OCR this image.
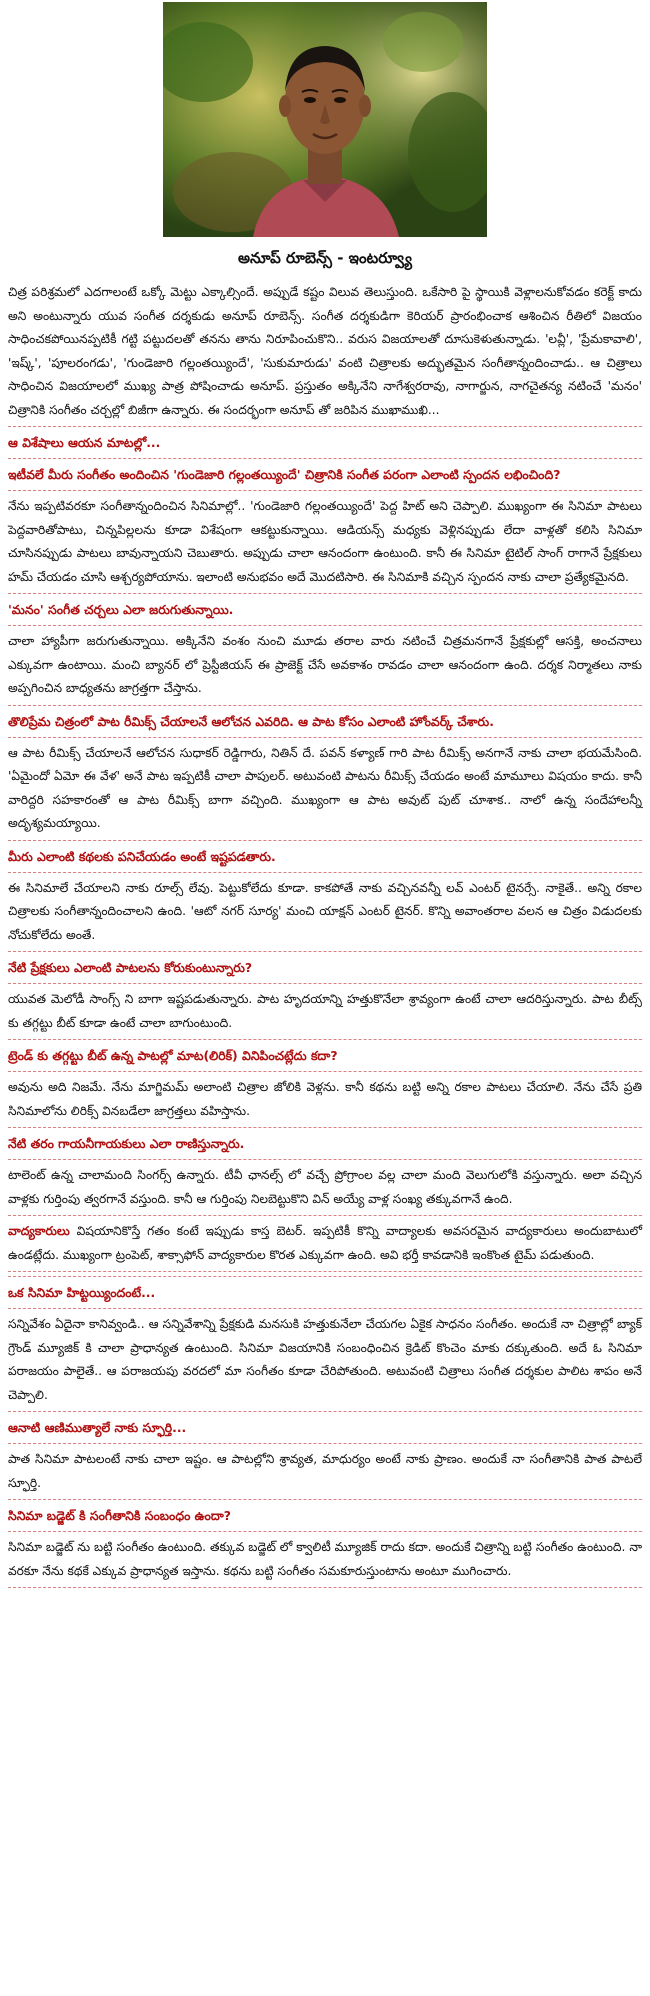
అనూప్ రూబెన్స్ - ఇంటర్వ్యూ

చిత్ర పరిశ్రమలో ఎదగాలంటే ఒక్కో మెట్టు ఎక్కాల్సిందే. అప్పుడే కష్టం విలువ తెలుస్తుంది. ఒకేసారి పై స్థాయికి వెళ్లాలనుకోవడం కరెక్ట్ కాదు అని అంటున్నారు యువ సంగీత దర్శకుడు అనూప్ రూబెన్స్. సంగీత దర్శకుడిగా కెరియర్ ప్రారంభించాక ఆశించిన రీతిలో విజయం సాధించకపోయినప్పటికీ గట్టి పట్టుదలతో తనను తాను నిరూపించుకొని.. వరుస విజయాలతో దూసుకెళుతున్నాడు. 'లవ్లీ', 'ప్రేమకావాలి', 'ఇష్క్', 'పూలరంగడు', 'గుండెజారి గల్లంతయ్యిందే', 'సుకుమారుడు' వంటి చిత్రాలకు అద్భుతమైన సంగీతాన్నందించాడు.. ఆ చిత్రాలు సాధించిన విజయాలలో ముఖ్య పాత్ర పోషించాడు అనూప్. ప్రస్తుతం అక్కినేని నాగేశ్వరరావు, నాగార్జున, నాగచైతన్య నటించే 'మనం' చిత్రానికి సంగీతం చర్చల్లో బిజీగా ఉన్నారు. ఈ సందర్భంగా అనూప్ తో జరిపిన ముఖాముఖి...

ఆ విశేషాలు ఆయన మాటల్లో...

ఇటీవలే మీరు సంగీతం అందించిన 'గుండెజారి గల్లంతయ్యిందే' చిత్రానికి సంగీత పరంగా ఎలాంటి స్పందన లభించింది?

నేను ఇప్పటివరకూ సంగీతాన్నందించిన సినిమాల్లో.. 'గుండెజారి గల్లంతయ్యిందే' పెద్ద హిట్ అని చెప్పాలి. ముఖ్యంగా ఈ సినిమా పాటలు పెద్దవారితోపాటు, చిన్నపిల్లలను కూడా విశేషంగా ఆకట్టుకున్నాయి. ఆడియన్స్ మధ్యకు వెళ్లినప్పుడు లేదా వాళ్లతో కలిసి సినిమా చూసినప్పుడు పాటలు బావున్నాయని చెబుతారు. అప్పుడు చాలా ఆనందంగా ఉంటుంది. కానీ ఈ సినిమా టైటిల్ సాంగ్ రాగానే ప్రేక్షకులు హమ్ చేయడం చూసి ఆశ్చర్యపోయాను. ఇలాంటి అనుభవం అదే మొదటిసారి. ఈ సినిమాకి వచ్చిన స్పందన నాకు చాలా ప్రత్యేకమైనది.

'మనం' సంగీత చర్చలు ఎలా జరుగుతున్నాయి.

చాలా హ్యాపీగా జరుగుతున్నాయి. అక్కినేని వంశం నుంచి మూడు తరాల వారు నటించే చిత్రమనగానే ప్రేక్షకుల్లో ఆసక్తి, అంచనాలు ఎక్కువగా ఉంటాయి. మంచి బ్యానర్ లో ప్రెస్టీజియస్ ఈ ప్రాజెక్ట్ చేసే అవకాశం రావడం చాలా ఆనందంగా ఉంది. దర్శక నిర్మాతలు నాకు అప్పగించిన బాధ్యతను జాగ్రత్తగా చేస్తాను.

తొలిప్రేమ చిత్రంలో పాట రీమిక్స్ చేయాలనే ఆలోచన ఎవరిది. ఆ పాట కోసం ఎలాంటి హోంవర్క్ చేశారు.

ఆ పాట రీమిక్స్ చేయాలనే ఆలోచన సుధాకర్ రెడ్డిగారు, నితిన్ దే. పవన్ కళ్యాణ్ గారి పాట రీమిక్స్ అనగానే నాకు చాలా భయమేసింది. 'ఏమైందో ఏమో ఈ వేళ' అనే పాట ఇప్పటికీ చాలా పాపులర్. అటువంటి పాటను రీమిక్స్ చేయడం అంటే మామూలు విషయం కాదు. కానీ వారిద్దరి సహకారంతో ఆ పాట రీమిక్స్ బాగా వచ్చింది. ముఖ్యంగా ఆ పాట అవుట్ పుట్ చూశాక.. నాలో ఉన్న సందేహాలన్నీ అదృశ్యమయ్యాయి.

మీరు ఎలాంటి కథలకు పనిచేయడం అంటే ఇష్టపడతారు.

ఈ సినిమాలే చేయాలని నాకు రూల్స్ లేవు. పెట్టుకోలేదు కూడా. కాకపోతే నాకు వచ్చినవన్నీ లవ్ ఎంటర్ టైనర్సే. నాకైతే.. అన్ని రకాల చిత్రాలకు సంగీతాన్నందించాలని ఉంది. 'ఆటో నగర్ సూర్య' మంచి యాక్షన్ ఎంటర్ టైనర్. కొన్ని అవాంతరాల వలన ఆ చిత్రం విడుదలకు నోచుకోలేదు అంతే.

నేటి ప్రేక్షకులు ఎలాంటి పాటలను కోరుకుంటున్నారు?

యువత మెలోడీ సాంగ్స్ ని బాగా ఇష్టపడుతున్నారు. పాట హృదయాన్ని హత్తుకొనేలా శ్రావ్యంగా ఉంటే చాలా ఆదరిస్తున్నారు. పాట బీట్స్ కు తగ్గట్టు బీట్ కూడా ఉంటే చాలా బాగుంటుంది.

ట్రెండ్ కు తగ్గట్టు బీట్ ఉన్న పాటల్లో మాట(లిరిక్) వినిపించట్లేదు కదా?

అవును అది నిజమే. నేను మాగ్జిమమ్ అలాంటి చిత్రాల జోలికి వెళ్లను. కానీ కథను బట్టి అన్ని రకాల పాటలు చేయాలి. నేను చేసే ప్రతి సినిమాలోను లిరిక్స్ వినబడేలా జాగ్రత్తలు వహిస్తాను.

నేటి తరం గాయనీగాయకులు ఎలా రాణిస్తున్నారు.

టాలెంట్ ఉన్న చాలామంది సింగర్స్ ఉన్నారు. టీవీ ఛానల్స్ లో వచ్చే ప్రోగ్రాంల వల్ల చాలా మంది వెలుగులోకి వస్తున్నారు. అలా వచ్చిన వాళ్లకు గుర్తింపు త్వరగానే వస్తుంది. కానీ ఆ గుర్తింపు నిలబెట్టుకొని విన్ అయ్యే వాళ్ల సంఖ్య తక్కువగానే ఉంది.

వాద్యకారులు విషయానికొస్తే గతం కంటే ఇప్పుడు కాస్త బెటర్. ఇప్పటికీ కొన్ని వాద్యాలకు అవసరమైన వాద్యకారులు అందుబాటులో ఉండట్లేదు. ముఖ్యంగా ట్రంపెట్, శాక్సాఫోన్ వాద్యకారుల కొరత ఎక్కువగా ఉంది. అవి భర్తీ కావడానికి ఇంకొంత టైమ్ పడుతుంది.

ఒక సినిమా హిట్టయ్యిందంటే...

సన్నివేశం ఏదైనా కానివ్వండి.. ఆ సన్నివేశాన్ని ప్రేక్షకుడి మనసుకి హత్తుకునేలా చేయగల ఏకైక సాధనం సంగీతం. అందుకే నా చిత్రాల్లో బ్యాక్ గ్రౌండ్ మ్యూజిక్ కి చాలా ప్రాధాన్యత ఉంటుంది. సినిమా విజయానికి సంబంధించిన క్రెడిట్ కొంచెం మాకు దక్కుతుంది. అదే ఓ సినిమా పరాజయం పాలైతే.. ఆ పరాజయపు వరదలో మా సంగీతం కూడా చేరిపోతుంది. అటువంటి చిత్రాలు సంగీత దర్శకుల పాలిట శాపం అనే చెప్పాలి.

ఆనాటి ఆణిముత్యాలే నాకు స్ఫూర్తి...

పాత సినిమా పాటలంటే నాకు చాలా ఇష్టం. ఆ పాటల్లోని శ్రావ్యత, మాధుర్యం అంటే నాకు ప్రాణం. అందుకే నా సంగీతానికి పాత పాటలే స్ఫూర్తి.

సినిమా బడ్జెట్ కి సంగీతానికి సంబంధం ఉందా?

సినిమా బడ్జెట్ ను బట్టి సంగీతం ఉంటుంది. తక్కువ బడ్జెట్ లో క్వాలిటీ మ్యూజిక్ రాదు కదా. అందుకే చిత్రాన్ని బట్టి సంగీతం ఉంటుంది. నా వరకూ నేను కథకే ఎక్కువ ప్రాధాన్యత ఇస్తాను. కథను బట్టి సంగీతం సమకూరుస్తుంటాను అంటూ ముగించారు.
